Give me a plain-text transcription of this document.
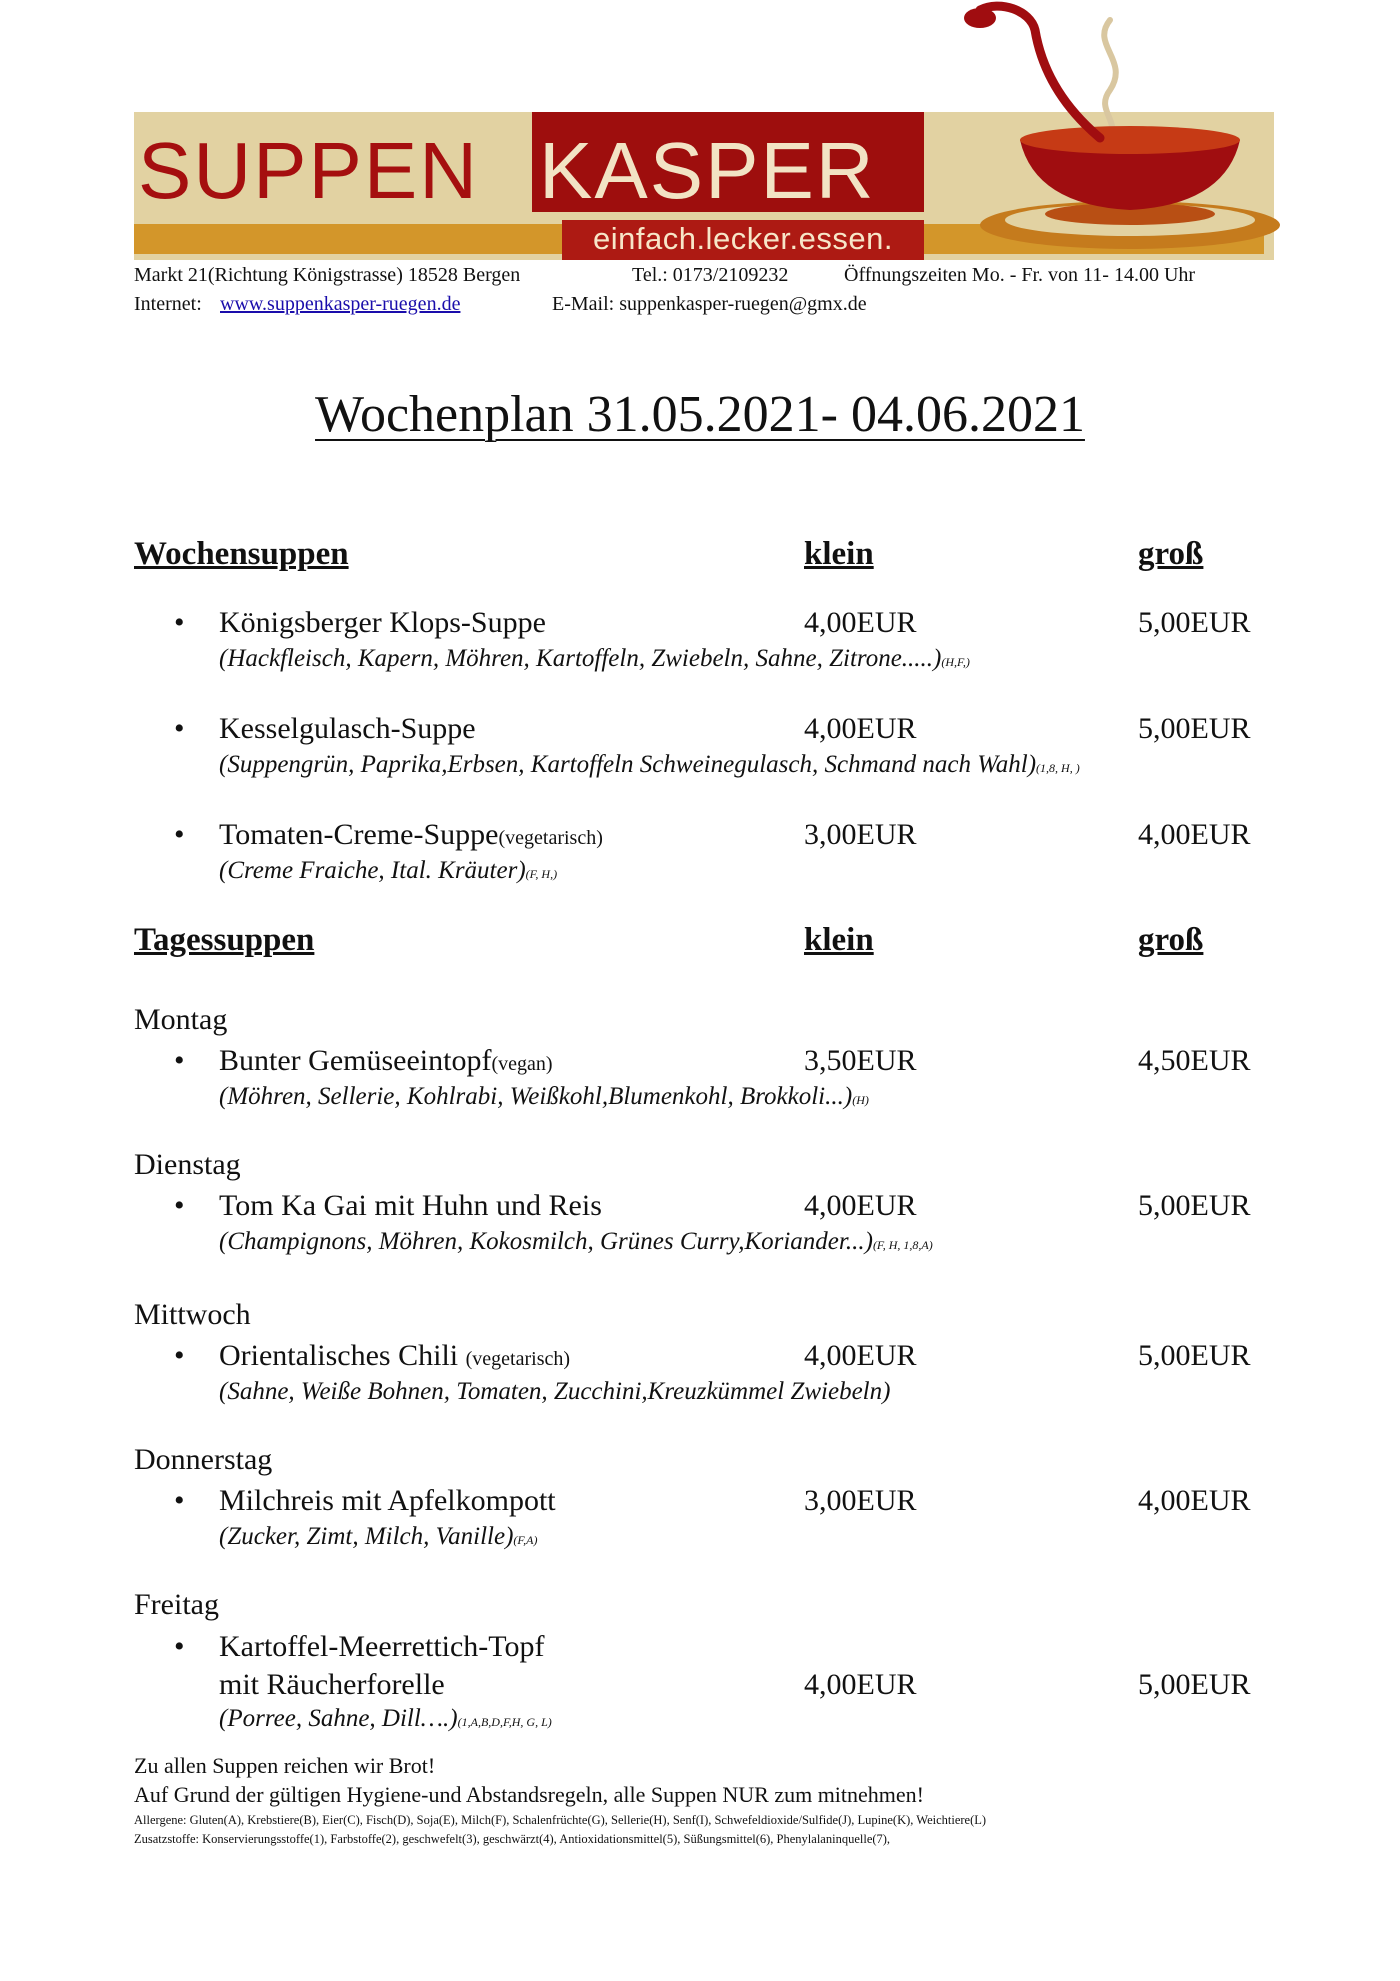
SUPPEN KASPER
einfach.lecker.essen.
Markt 21(Richtung Königstrasse) 18528 Bergen	Tel.: 0173/2109232	Öffnungszeiten Mo. - Fr. von 11- 14.00 Uhr
Internet: www.suppenkasper-ruegen.de	E-Mail: suppenkasper-ruegen@gmx.de
Wochenplan 31.05.2021- 04.06.2021
Wochensuppen	klein	groß
• Königsberger Klops-Suppe	4,00EUR	5,00EUR
(Hackfleisch, Kapern, Möhren, Kartoffeln, Zwiebeln, Sahne, Zitrone.....)(H,F,)
• Kesselgulasch-Suppe	4,00EUR	5,00EUR
(Suppengrün, Paprika,Erbsen, Kartoffeln Schweinegulasch, Schmand nach Wahl)(1,8, H, )
• Tomaten-Creme-Suppe(vegetarisch)	3,00EUR	4,00EUR
(Creme Fraiche, Ital. Kräuter)(F, H,)
Tagessuppen	klein	groß
Montag
• Bunter Gemüseeintopf(vegan)	3,50EUR	4,50EUR
(Möhren, Sellerie, Kohlrabi, Weißkohl,Blumenkohl, Brokkoli...)(H)
Dienstag
• Tom Ka Gai mit Huhn und Reis	4,00EUR	5,00EUR
(Champignons, Möhren, Kokosmilch, Grünes Curry,Koriander...)(F, H, 1,8,A)
Mittwoch
• Orientalisches Chili (vegetarisch)	4,00EUR	5,00EUR
(Sahne, Weiße Bohnen, Tomaten, Zucchini,Kreuzkümmel Zwiebeln)
Donnerstag
• Milchreis mit Apfelkompott	3,00EUR	4,00EUR
(Zucker, Zimt, Milch, Vanille)(F,A)
Freitag
• Kartoffel-Meerrettich-Topf
mit Räucherforelle	4,00EUR	5,00EUR
(Porree, Sahne, Dill….)(1,A,B,D,F,H, G, L)
Zu allen Suppen reichen wir Brot!
Auf Grund der gültigen Hygiene-und Abstandsregeln, alle Suppen NUR zum mitnehmen!
Allergene: Gluten(A), Krebstiere(B), Eier(C), Fisch(D), Soja(E), Milch(F), Schalenfrüchte(G), Sellerie(H), Senf(I), Schwefeldioxide/Sulfide(J), Lupine(K), Weichtiere(L)
Zusatzstoffe: Konservierungsstoffe(1), Farbstoffe(2), geschwefelt(3), geschwärzt(4), Antioxidationsmittel(5), Süßungsmittel(6), Phenylalaninquelle(7),
